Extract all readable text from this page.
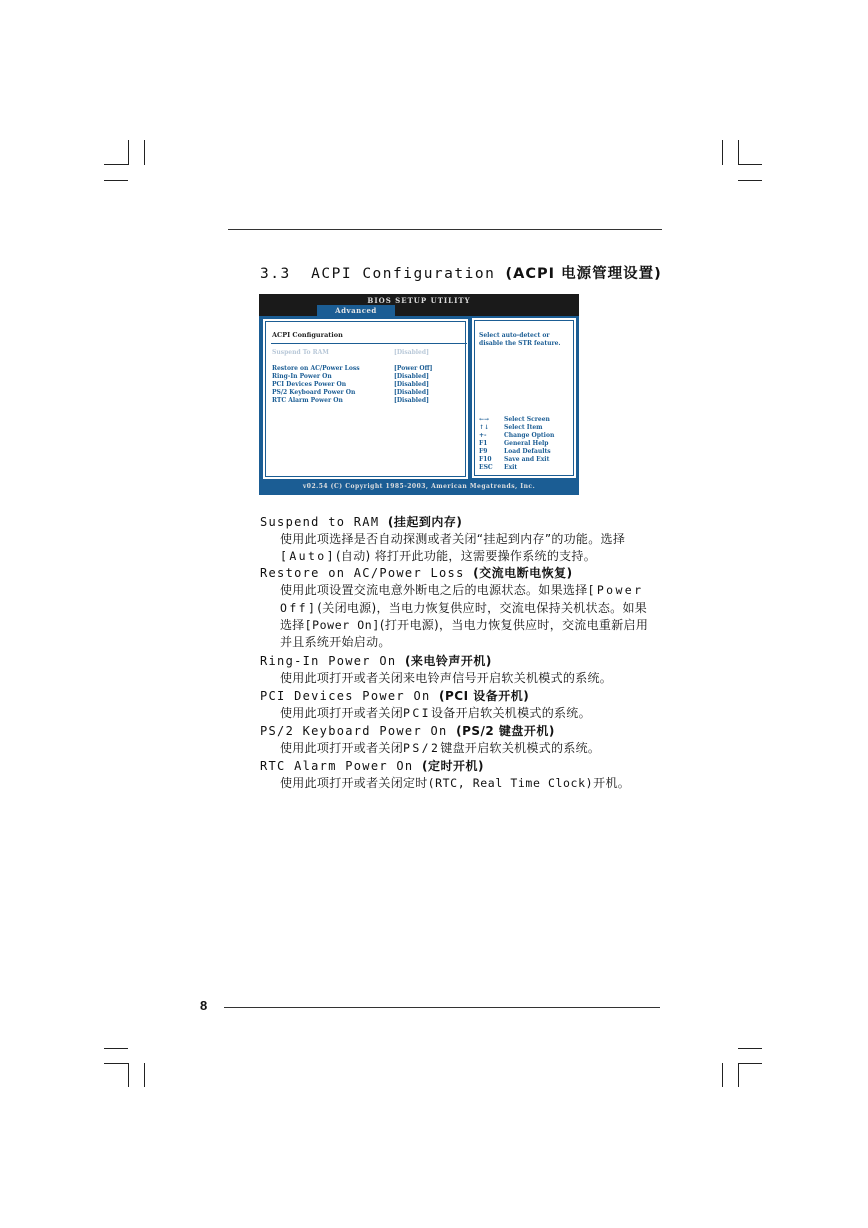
3.3 ACPI Configuration (ACPI 电源管理设置)
BIOS SETUP UTILITY
Advanced
ACPI Configuration
Suspend To RAM	[Disabled]
Restore on AC/Power Loss	[Power Off]
Ring-In Power On	[Disabled]
PCI Devices Power On	[Disabled]
PS/2 Keyboard Power On	[Disabled]
RTC Alarm Power On	[Disabled]
Select auto-detect or disable the STR feature.
←→ Select Screen
↑↓ Select Item
+-	Change Option
F1	General Help
F9	Load Defaults
F10 Save and Exit
ESC Exit
v02.54 (C) Copyright 1985-2003, American Megatrends, Inc.
Suspend to RAM (挂起到内存)
使用此项选择是否自动探测或者关闭“挂起到内存”的功能。选择
[Auto](自动) 将打开此功能，这需要操作系统的支持。
Restore on AC/Power Loss (交流电断电恢复)
使用此项设置交流电意外断电之后的电源状态。如果选择[Power
Off](关闭电源)，当电力恢复供应时，交流电保持关机状态。如果
选择[Power On](打开电源)，当电力恢复供应时，交流电重新启用
并且系统开始启动。
Ring-In Power On (来电铃声开机)
使用此项打开或者关闭来电铃声信号开启软关机模式的系统。
PCI Devices Power On (PCI 设备开机)
使用此项打开或者关闭PCI设备开启软关机模式的系统。
PS/2 Keyboard Power On (PS/2 键盘开机)
使用此项打开或者关闭PS/2键盘开启软关机模式的系统。
RTC Alarm Power On (定时开机)
使用此项打开或者关闭定时(RTC, Real Time Clock)开机。
8
